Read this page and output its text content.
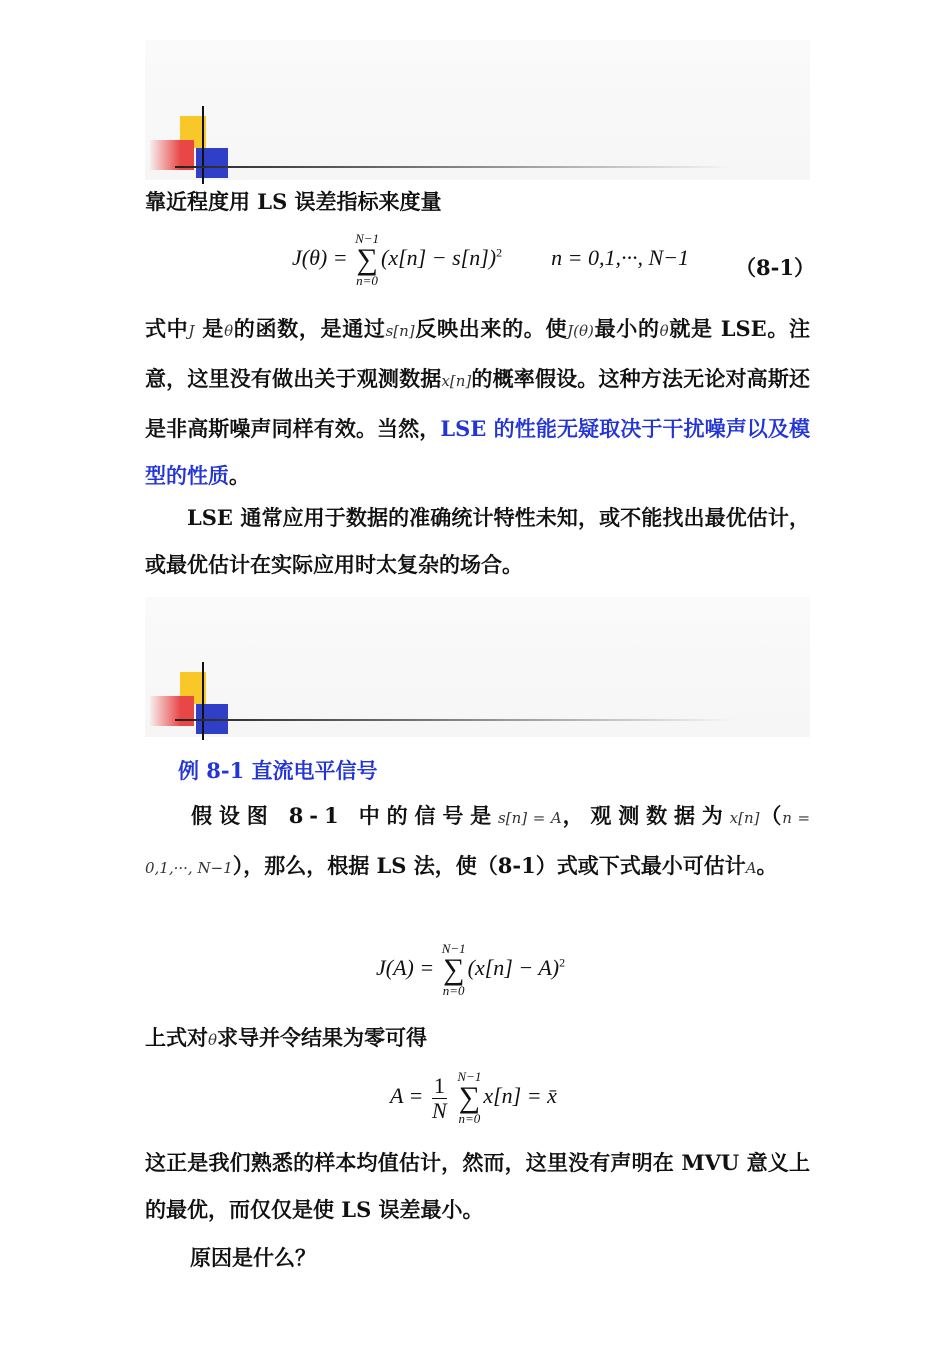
靠近程度用 LS 误差指标来度量
J(θ) =
N−1
∑
n=0
$(x[n] - s[n])^2$ n = 0,1,···, N−1 （8-1）
式中J 是θ的函数，是通过s[n]反映出来的。使J(θ)最小的θ就是 LSE。注意，这里没有做出关于观测数据x[n]的概率假设。这种方法无论对高斯还是非高斯噪声同样有效。当然，LSE 的性能无疑取决于干扰噪声以及模型的性质。
LSE 通常应用于数据的准确统计特性未知，或不能找出最优估计，或最优估计在实际应用时太复杂的场合。
例 8-1 直流电平信号
假设图 8-1 中的信号是s[n] = A，观测数据为x[n]（n = 0,1,···, N−1），那么，根据 LS 法，使（8-1）式或下式最小可估计A。
J(A) =
N−1
∑
n=0
$(x[n] - A)^2$
上式对θ求导并令结果为零可得
$A = \frac{1}{N}$
N−1
∑
n=0
x[n] = x̄
这正是我们熟悉的样本均值估计，然而，这里没有声明在 MVU 意义上的最优，而仅仅是使 LS 误差最小。
原因是什么？
